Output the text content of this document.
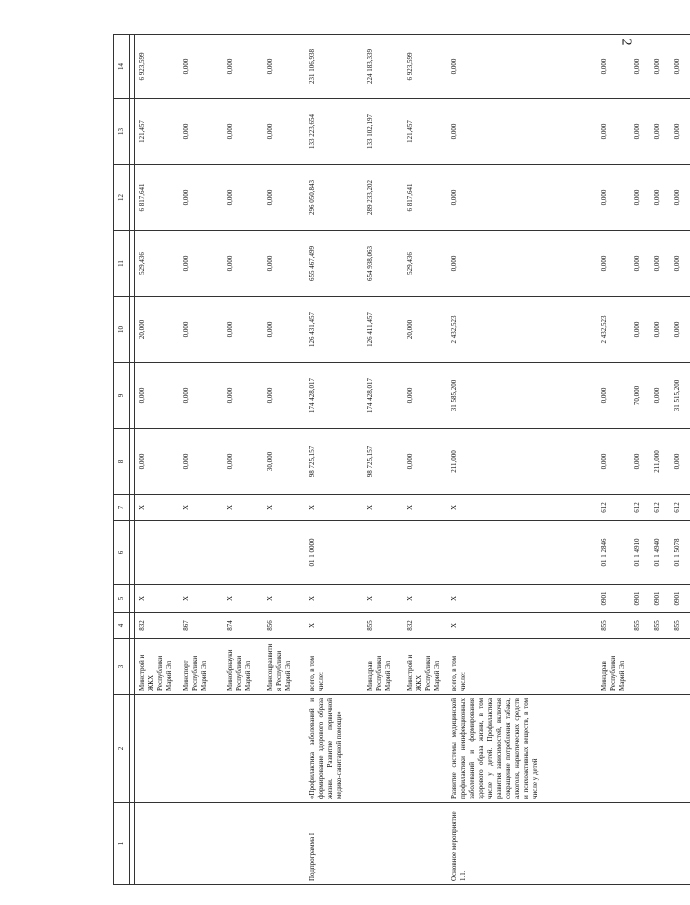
2
1	2	3	4	5	6	7	8	9	10	11	12	13	14

		Минстрой и ЖКХ Республики Марий Эл	832	X		X	0,000	0,000	20,000	529,436	6 817,641	121,457	6 923,599
		Минспорт Республики Марий Эл	867	X		X	0,000	0,000	0,000	0,000	0,000	0,000	0,000
		Минобрнауки Республики Марий Эл	874	X		X	0,000	0,000	0,000	0,000	0,000	0,000	0,000
		Минсоцразвития Республики Марий Эл	856	X		X	30,000	0,000	0,000	0,000	0,000	0,000	0,000
Подпрограмма I	«Профилактика заболеваний и формирование здорового образа жизни. Развитие первичной медико-санитарной помощи»	всего, в том числе:	X	X	01 1 0000	X	98 725,157	174 428,017	126 431,457	655 467,499	296 050,843	133 223,654	231 106,938
		Минздрав Республики Марий Эл	855	X		X	98 725,157	174 428,017	126 411,457	654 938,063	289 233,202	133 102,197	224 183,339
		Минстрой и ЖКХ Республики Марий Эл	832	X		X	0,000	0,000	20,000	529,436	6 817,641	121,457	6 923,599
Основное мероприятие 1.1.	Развитие системы медицинской профилактики неинфекционных заболеваний и формирования здорового образа жизни, в том числе у детей. Профилактика развития зависимостей, включая сокращение потребления табака, алкоголя, наркотических средств и психоактивных веществ, в том числе у детей	всего, в том числе:	X	X		X	211,000	31 585,200	2 432,523	0,000	0,000	0,000	0,000
		Минздрав Республики Марий Эл	855	0901	01 1 2846	612	0,000	0,000	2 432,523	0,000	0,000	0,000	0,000
			855	0901	01 1 4910	612	0,000	70,000	0,000	0,000	0,000	0,000	0,000
			855	0901	01 1 4940	612	211,000	0,000	0,000	0,000	0,000	0,000	0,000
			855	0901	01 1 5078	612	0,000	31 515,200	0,000	0,000	0,000	0,000	0,000
